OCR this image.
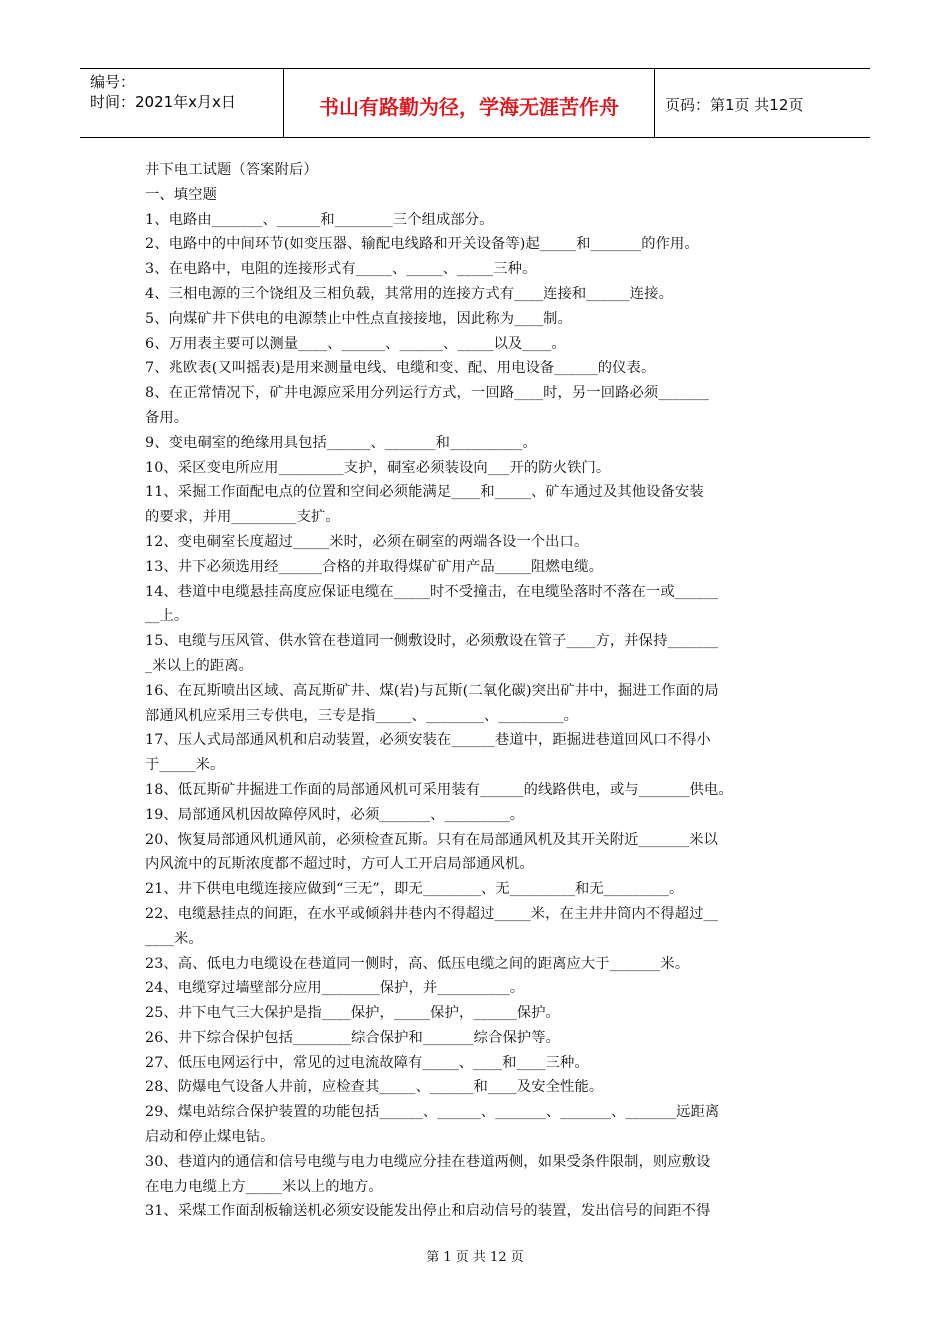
编号：
时间：2021年x月x日	书山有路勤为径，学海无涯苦作舟	页码：第1页 共12页
井下电工试题（答案附后）
一、填空题
1、电路由_______、______和________三个组成部分。
2、电路中的中间环节(如变压器、输配电线路和开关设备等)起_____和_______的作用。
3、在电路中，电阻的连接形式有_____、_____、_____三种。
4、三相电源的三个饶组及三相负载，其常用的连接方式有____连接和______连接。
5、向煤矿井下供电的电源禁止中性点直接接地，因此称为____制。
6、万用表主要可以测量____、______、______、_____以及____。
7、兆欧表(又叫摇表)是用来测量电线、电缆和变、配、用电设备______的仪表。
8、在正常情况下，矿井电源应采用分列运行方式，一回路____时，另一回路必须_______
备用。
9、变电硐室的绝缘用具包括______、_______和__________。
10、采区变电所应用_________支护，硐室必须装设向___开的防火铁门。
11、采掘工作面配电点的位置和空间必须能满足____和_____、矿车通过及其他设备安装
的要求，并用_________支扩。
12、变电硐室长度超过_____米时，必须在硐室的两端各设一个出口。
13、井下必须选用经______合格的并取得煤矿矿用产品_____阻燃电缆。
14、巷道中电缆悬挂高度应保证电缆在_____时不受撞击，在电缆坠落时不落在一或______
__上。
15、电缆与压风管、供水管在巷道同一侧敷设时，必须敷设在管子____方，并保持_______
_米以上的距离。
16、在瓦斯喷出区域、高瓦斯矿井、煤(岩)与瓦斯(二氧化碳)突出矿井中，掘进工作面的局
部通风机应采用三专供电，三专是指_____、________、_________。
17、压人式局部通风机和启动装置，必须安装在______巷道中，距掘进巷道回风口不得小
于_____米。
18、低瓦斯矿井掘进工作面的局部通风机可采用装有______的线路供电，或与_______供电。
19、局部通风机因故障停风时，必须_______、_________。
20、恢复局部通风机通风前，必须检查瓦斯。只有在局部通风机及其开关附近_______米以
内风流中的瓦斯浓度都不超过时，方可人工开启局部通风机。
21、井下供电电缆连接应做到“三无”，即无________、无_________和无_________。
22、电缆悬挂点的间距，在水平或倾斜井巷内不得超过_____米，在主井井筒内不得超过__
____米。
23、高、低电力电缆设在巷道同一侧时，高、低压电缆之间的距离应大于_______米。
24、电缆穿过墙壁部分应用________保护，并__________。
25、井下电气三大保护是指____保护，_____保护，______保护。
26、井下综合保护包括________综合保护和_______综合保护等。
27、低压电网运行中，常见的过电流故障有_____、____和____三种。
28、防爆电气设备人井前，应检查其_____、______和____及安全性能。
29、煤电站综合保护装置的功能包括______、______、_______、_______、_______远距离
启动和停止煤电钻。
30、巷道内的通信和信号电缆与电力电缆应分挂在巷道两侧，如果受条件限制，则应敷设
在电力电缆上方_____米以上的地方。
31、采煤工作面刮板输送机必须安设能发出停止和启动信号的装置，发出信号的间距不得
第 1 页 共 12 页
